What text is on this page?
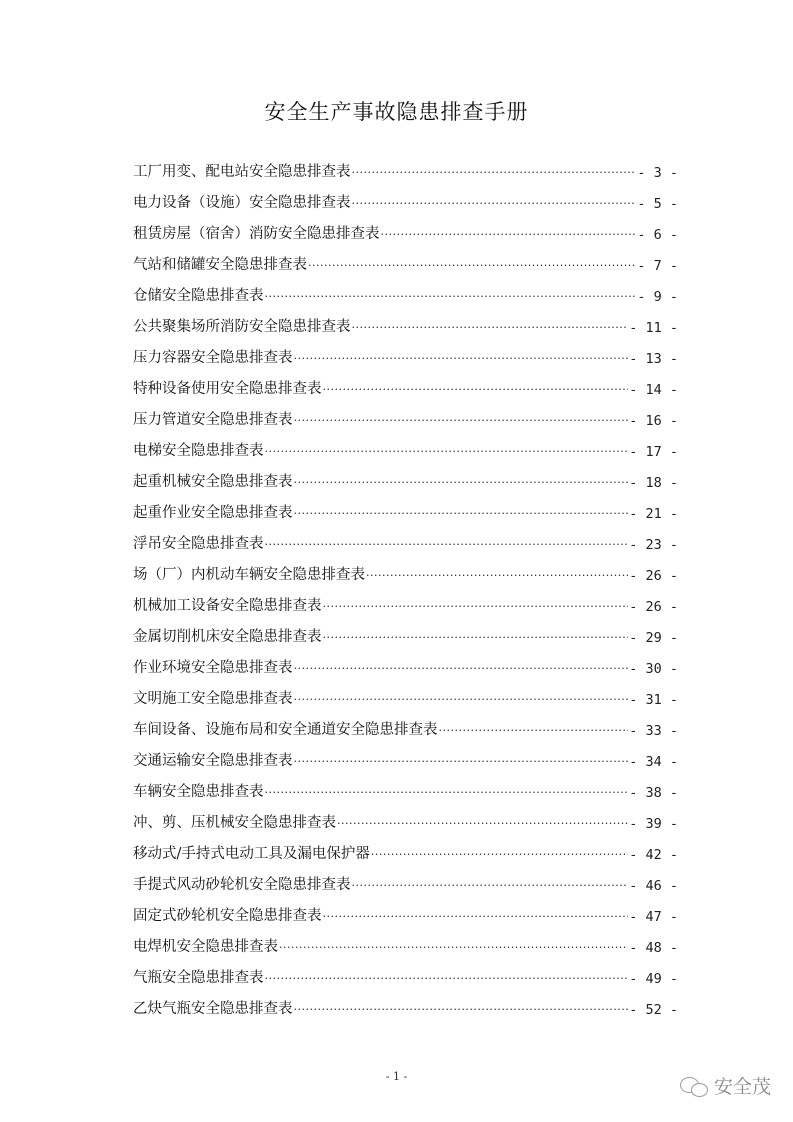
安全生产事故隐患排查手册
工厂用变、配电站安全隐患排查表 .....	- 3 -
电力设备（设施）安全隐患排查表 .....	- 5 -
租赁房屋（宿舍）消防安全隐患排查表 .....	- 6 -
气站和储罐安全隐患排查表 .....	- 7 -
仓储安全隐患排查表 .....	- 9 -
公共聚集场所消防安全隐患排查表 .....	- 11 -
压力容器安全隐患排查表 .....	- 13 -
特种设备使用安全隐患排查表 .....	- 14 -
压力管道安全隐患排查表 .....	- 16 -
电梯安全隐患排查表 .....	- 17 -
起重机械安全隐患排查表 .....	- 18 -
起重作业安全隐患排查表 .....	- 21 -
浮吊安全隐患排查表 .....	- 23 -
场（厂）内机动车辆安全隐患排查表 .....	- 26 -
机械加工设备安全隐患排查表 .....	- 26 -
金属切削机床安全隐患排查表 .....	- 29 -
作业环境安全隐患排查表 .....	- 30 -
文明施工安全隐患排查表 .....	- 31 -
车间设备、设施布局和安全通道安全隐患排查表 .....	- 33 -
交通运输安全隐患排查表 .....	- 34 -
车辆安全隐患排查表 .....	- 38 -
冲、剪、压机械安全隐患排查表 .....	- 39 -
移动式/手持式电动工具及漏电保护器 .....	- 42 -
手提式风动砂轮机安全隐患排查表 .....	- 46 -
固定式砂轮机安全隐患排查表 .....	- 47 -
电焊机安全隐患排查表 .....	- 48 -
气瓶安全隐患排查表 .....	- 49 -
乙炔气瓶安全隐患排查表 .....	- 52 -
- 1 -	安全茂
